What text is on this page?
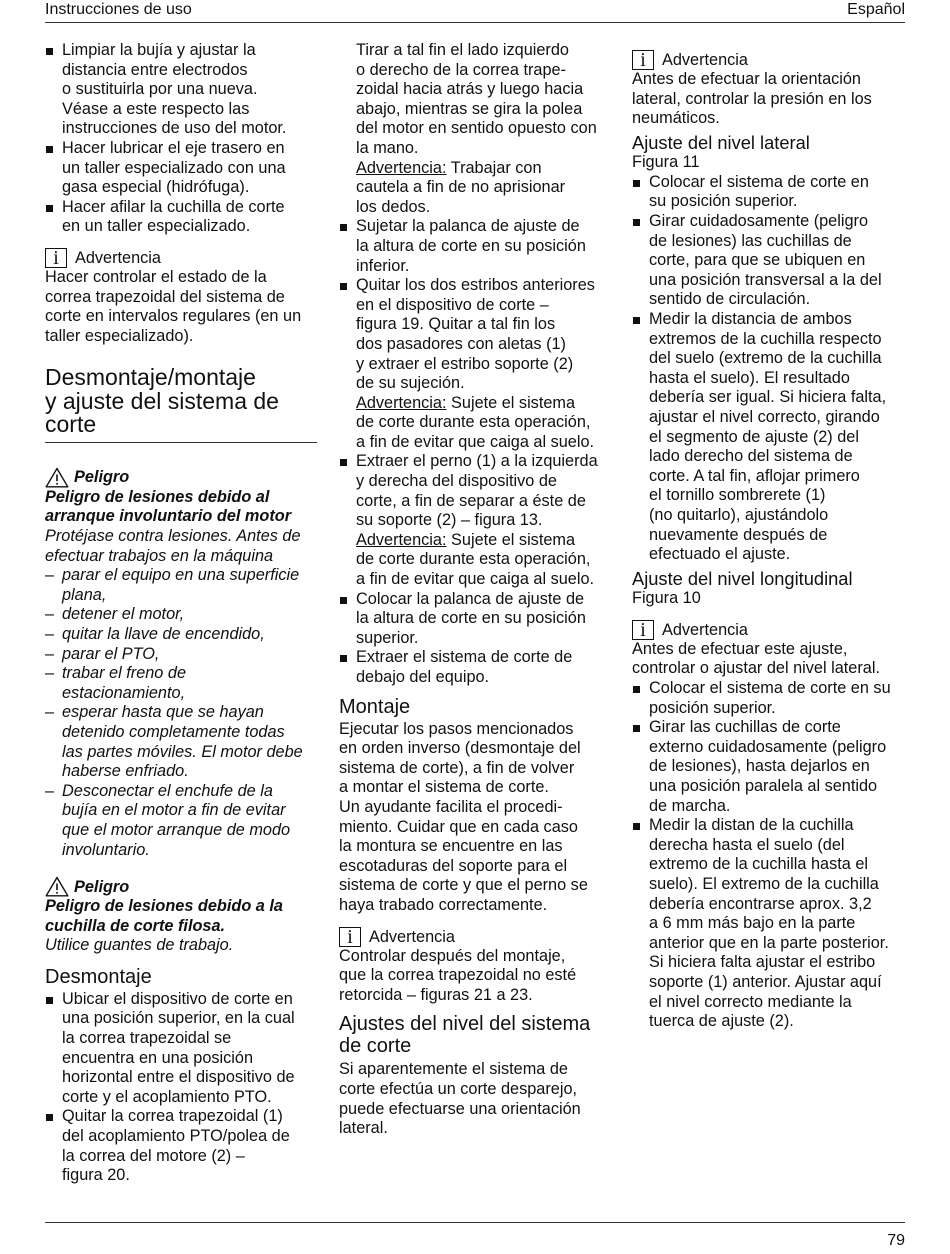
Instrucciones de uso	Español
Limpiar la bujía y ajustar la
distancia entre electrodos
o sustituirla por una nueva.
Véase a este respecto las
instrucciones de uso del motor.
Hacer lubricar el eje trasero en
un taller especializado con una
gasa especial (hidrófuga).
Hacer afilar la cuchilla de corte
en un taller especializado.
i
Advertencia

Hacer controlar el estado de la
correa trapezoidal del sistema de
corte en intervalos regulares (en un
taller especializado).

Desmontaje/montaje
y ajuste del sistema de
corte
Peligro

Peligro de lesiones debido al
arranque involuntario del motor

Protéjase contra lesiones. Antes de
efectuar trabajos en la máquina

– parar el equipo en una superficie
plana,
– detener el motor,
– quitar la llave de encendido,
– parar el PTO,
– trabar el freno de
estacionamiento,
– esperar hasta que se hayan
detenido completamente todas
las partes móviles. El motor debe
haberse enfriado.
– Desconectar el enchufe de la
bujía en el motor a fin de evitar
que el motor arranque de modo
involuntario.
Peligro

Peligro de lesiones debido a la
cuchilla de corte filosa.

Utilice guantes de trabajo.

Desmontaje
Ubicar el dispositivo de corte en
una posición superior, en la cual
la correa trapezoidal se
encuentra en una posición
horizontal entre el dispositivo de
corte y el acoplamiento PTO.
Quitar la correa trapezoidal (1)
del acoplamiento PTO/polea de
la correa del motore (2) –
figura 20.
Tirar a tal fin el lado izquierdo
o derecho de la correa trape-
zoidal hacia atrás y luego hacia
abajo, mientras se gira la polea
del motor en sentido opuesto con
la mano.
Advertencia: Trabajar con
cautela a fin de no aprisionar
los dedos.
Sujetar la palanca de ajuste de
la altura de corte en su posición
inferior.
Quitar los dos estribos anteriores
en el dispositivo de corte –
figura 19. Quitar a tal fin los
dos pasadores con aletas (1)
y extraer el estribo soporte (2)
de su sujeción.
Advertencia: Sujete el sistema
de corte durante esta operación,
a fin de evitar que caiga al suelo.
Extraer el perno (1) a la izquierda
y derecha del dispositivo de
corte, a fin de separar a éste de
su soporte (2) – figura 13.
Advertencia: Sujete el sistema
de corte durante esta operación,
a fin de evitar que caiga al suelo.
Colocar la palanca de ajuste de
la altura de corte en su posición
superior.
Extraer el sistema de corte de
debajo del equipo.
Montaje

Ejecutar los pasos mencionados
en orden inverso (desmontaje del
sistema de corte), a fin de volver
a montar el sistema de corte.
Un ayudante facilita el procedi-
miento. Cuidar que en cada caso
la montura se encuentre en las
escotaduras del soporte para el
sistema de corte y que el perno se
haya trabado correctamente.

i
Advertencia

Controlar después del montaje,
que la correa trapezoidal no esté
retorcida – figuras 21 a 23.

Ajustes del nivel del sistema
de corte

Si aparentemente el sistema de
corte efectúa un corte desparejo,
puede efectuarse una orientación
lateral.

i
Advertencia

Antes de efectuar la orientación
lateral, controlar la presión en los
neumáticos.

Ajuste del nivel lateral

Figura 11

Colocar el sistema de corte en
su posición superior.
Girar cuidadosamente (peligro
de lesiones) las cuchillas de
corte, para que se ubiquen en
una posición transversal a la del
sentido de circulación.
Medir la distancia de ambos
extremos de la cuchilla respecto
del suelo (extremo de la cuchilla
hasta el suelo). El resultado
debería ser igual. Si hiciera falta,
ajustar el nivel correcto, girando
el segmento de ajuste (2) del
lado derecho del sistema de
corte. A tal fin, aflojar primero
el tornillo sombrerete (1)
(no quitarlo), ajustándolo
nuevamente después de
efectuado el ajuste.
Ajuste del nivel longitudinal

Figura 10

i
Advertencia

Antes de efectuar este ajuste,
controlar o ajustar del nivel lateral.

Colocar el sistema de corte en su
posición superior.
Girar las cuchillas de corte
externo cuidadosamente (peligro
de lesiones), hasta dejarlos en
una posición paralela al sentido
de marcha.
Medir la distan de la cuchilla
derecha hasta el suelo (del
extremo de la cuchilla hasta el
suelo). El extremo de la cuchilla
debería encontrarse aprox. 3,2
a 6 mm más bajo en la parte
anterior que en la parte posterior.
Si hiciera falta ajustar el estribo
soporte (1) anterior. Ajustar aquí
el nivel correcto mediante la
tuerca de ajuste (2).
79
